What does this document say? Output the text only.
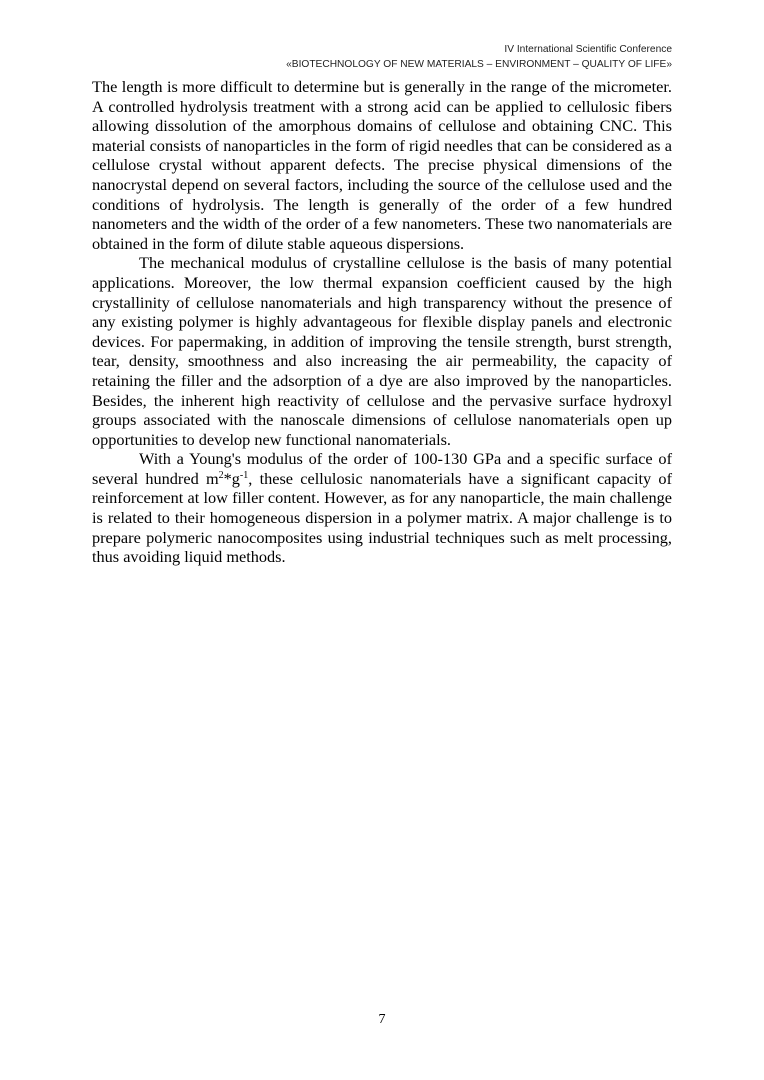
IV International Scientific Conference
«BIOTECHNOLOGY OF NEW MATERIALS – ENVIRONMENT – QUALITY OF LIFE»

The length is more difficult to determine but is generally in the range of the micrometer. A controlled hydrolysis treatment with a strong acid can be applied to cellulosic fibers allowing dissolution of the amorphous domains of cellulose and obtaining CNC. This material consists of nanoparticles in the form of rigid needles that can be considered as a cellulose crystal without apparent defects. The precise physical dimensions of the nanocrystal depend on several factors, including the source of the cellulose used and the conditions of hydrolysis. The length is generally of the order of a few hundred nanometers and the width of the order of a few nanometers. These two nanomaterials are obtained in the form of dilute stable aqueous dispersions.

The mechanical modulus of crystalline cellulose is the basis of many potential applications. Moreover, the low thermal expansion coefficient caused by the high crystallinity of cellulose nanomaterials and high transparency without the presence of any existing polymer is highly advantageous for flexible display panels and electronic devices. For papermaking, in addition of improving the tensile strength, burst strength, tear, density, smoothness and also increasing the air permeability, the capacity of retaining the filler and the adsorption of a dye are also improved by the nanoparticles. Besides, the inherent high reactivity of cellulose and the pervasive surface hydroxyl groups associated with the nanoscale dimensions of cellulose nanomaterials open up opportunities to develop new functional nanomaterials.

With a Young's modulus of the order of 100-130 GPa and a specific surface of several hundred $m^2*g^{-1}$, these cellulosic nanomaterials have a significant capacity of reinforcement at low filler content. However, as for any nanoparticle, the main challenge is related to their homogeneous dispersion in a polymer matrix. A major challenge is to prepare polymeric nanocomposites using industrial techniques such as melt processing, thus avoiding liquid methods.

7
